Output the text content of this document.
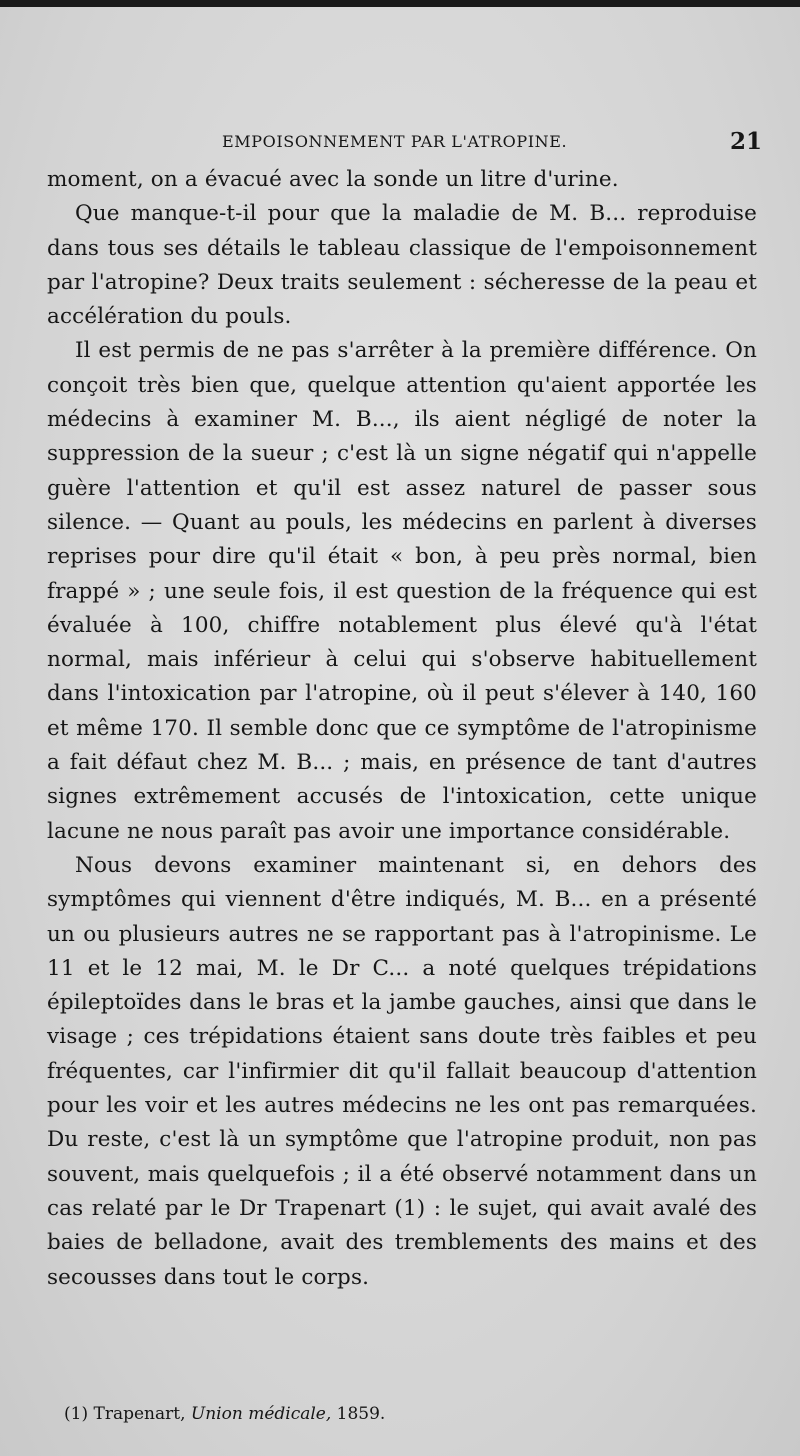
EMPOISONNEMENT PAR L'ATROPINE.	21

moment, on a évacué avec la sonde un litre d'urine.

Que manque-t-il pour que la maladie de M. B... reproduise dans tous ses détails le tableau classique de l'empoisonnement par l'atropine? Deux traits seulement : sécheresse de la peau et accélération du pouls.

Il est permis de ne pas s'arrêter à la première différence. On conçoit très bien que, quelque attention qu'aient apportée les médecins à examiner M. B..., ils aient négligé de noter la suppression de la sueur ; c'est là un signe négatif qui n'appelle guère l'attention et qu'il est assez naturel de passer sous silence. — Quant au pouls, les médecins en parlent à diverses reprises pour dire qu'il était « bon, à peu près normal, bien frappé » ; une seule fois, il est question de la fréquence qui est évaluée à 100, chiffre notablement plus élevé qu'à l'état normal, mais inférieur à celui qui s'observe habituellement dans l'intoxication par l'atropine, où il peut s'élever à 140, 160 et même 170. Il semble donc que ce symptôme de l'atropinisme a fait défaut chez M. B... ; mais, en présence de tant d'autres signes extrêmement accusés de l'intoxication, cette unique lacune ne nous paraît pas avoir une importance considérable.

Nous devons examiner maintenant si, en dehors des symptômes qui viennent d'être indiqués, M. B... en a présenté un ou plusieurs autres ne se rapportant pas à l'atropinisme. Le 11 et le 12 mai, M. le Dr C... a noté quelques trépidations épileptoïdes dans le bras et la jambe gauches, ainsi que dans le visage ; ces trépidations étaient sans doute très faibles et peu fréquentes, car l'infirmier dit qu'il fallait beaucoup d'attention pour les voir et les autres médecins ne les ont pas remarquées. Du reste, c'est là un symptôme que l'atropine produit, non pas souvent, mais quelquefois ; il a été observé notamment dans un cas relaté par le Dr Trapenart (1) : le sujet, qui avait avalé des baies de belladone, avait des tremblements des mains et des secousses dans tout le corps.

(1) Trapenart, Union médicale, 1859.
